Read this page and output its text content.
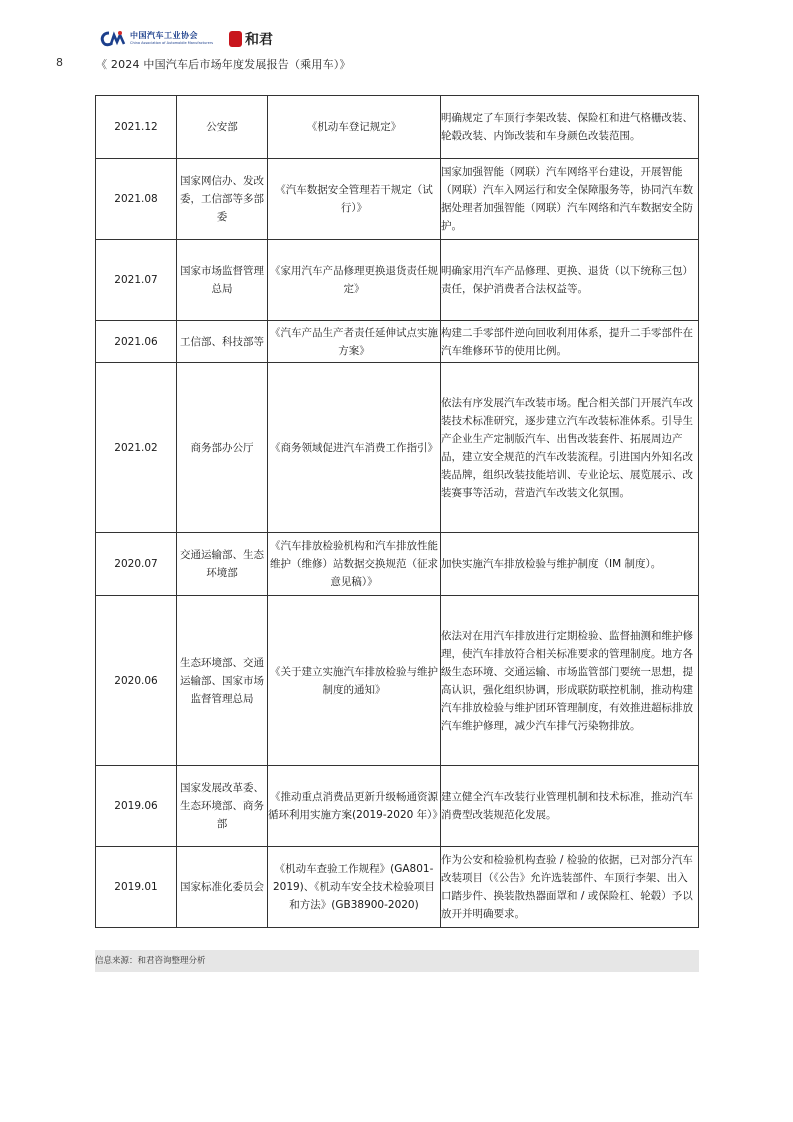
中国汽车工业协会
China Association of Automobile Manufacturers 和君
8	《 2024 中国汽车后市场年度发展报告（乘用车）》
2021.12	公安部	《机动车登记规定》	明确规定了车顶行李架改装、保险杠和进气格栅改装、轮毂改装、内饰改装和车身颜色改装范围。
2021.08	国家网信办、发改委，工信部等多部委	《汽车数据安全管理若干规定（试行）》	国家加强智能（网联）汽车网络平台建设，开展智能（网联）汽车入网运行和安全保障服务等，协同汽车数据处理者加强智能（网联）汽车网络和汽车数据安全防护。
2021.07	国家市场监督管理总局	《家用汽车产品修理更换退货责任规定》	明确家用汽车产品修理、更换、退货（以下统称三包）责任，保护消费者合法权益等。
2021.06	工信部、科技部等	《汽车产品生产者责任延伸试点实施方案》	构建二手零部件逆向回收利用体系，提升二手零部件在汽车维修环节的使用比例。
2021.02	商务部办公厅	《商务领域促进汽车消费工作指引》	依法有序发展汽车改装市场。配合相关部门开展汽车改装技术标准研究，逐步建立汽车改装标准体系。引导生产企业生产定制版汽车、出售改装套件、拓展周边产品，建立安全规范的汽车改装流程。引进国内外知名改装品牌，组织改装技能培训、专业论坛、展览展示、改装赛事等活动，营造汽车改装文化氛围。
2020.07	交通运输部、生态环境部	《汽车排放检验机构和汽车排放性能维护（维修）站数据交换规范（征求意见稿）》	加快实施汽车排放检验与维护制度（IM 制度）。
2020.06	生态环境部、交通运输部、国家市场监督管理总局	《关于建立实施汽车排放检验与维护制度的通知》	依法对在用汽车排放进行定期检验、监督抽测和维护修理，使汽车排放符合相关标准要求的管理制度。地方各级生态环境、交通运输、市场监管部门要统一思想，提高认识，强化组织协调，形成联防联控机制，推动构建汽车排放检验与维护团环管理制度，有效推进超标排放汽车维护修理，减少汽车排气污染物排放。
2019.06	国家发展改革委、生态环境部、商务部	《推动重点消费品更新升级畅通资源循环利用实施方案(2019-2020 年）》	建立健全汽车改装行业管理机制和技术标准，推动汽车消费型改装规范化发展。
2019.01	国家标准化委员会	《机动车查验工作规程》(GA801-2019)、《机动车安全技术检验项目和方法》(GB38900-2020)	作为公安和检验机构查验 / 检验的依据，已对部分汽车改装项目（《公告》允许选装部件、车顶行李架、出入口踏步件、换装散热器面罩和 / 或保险杠、轮毂）予以放开并明确要求。
信息来源：和君咨询整理分析
